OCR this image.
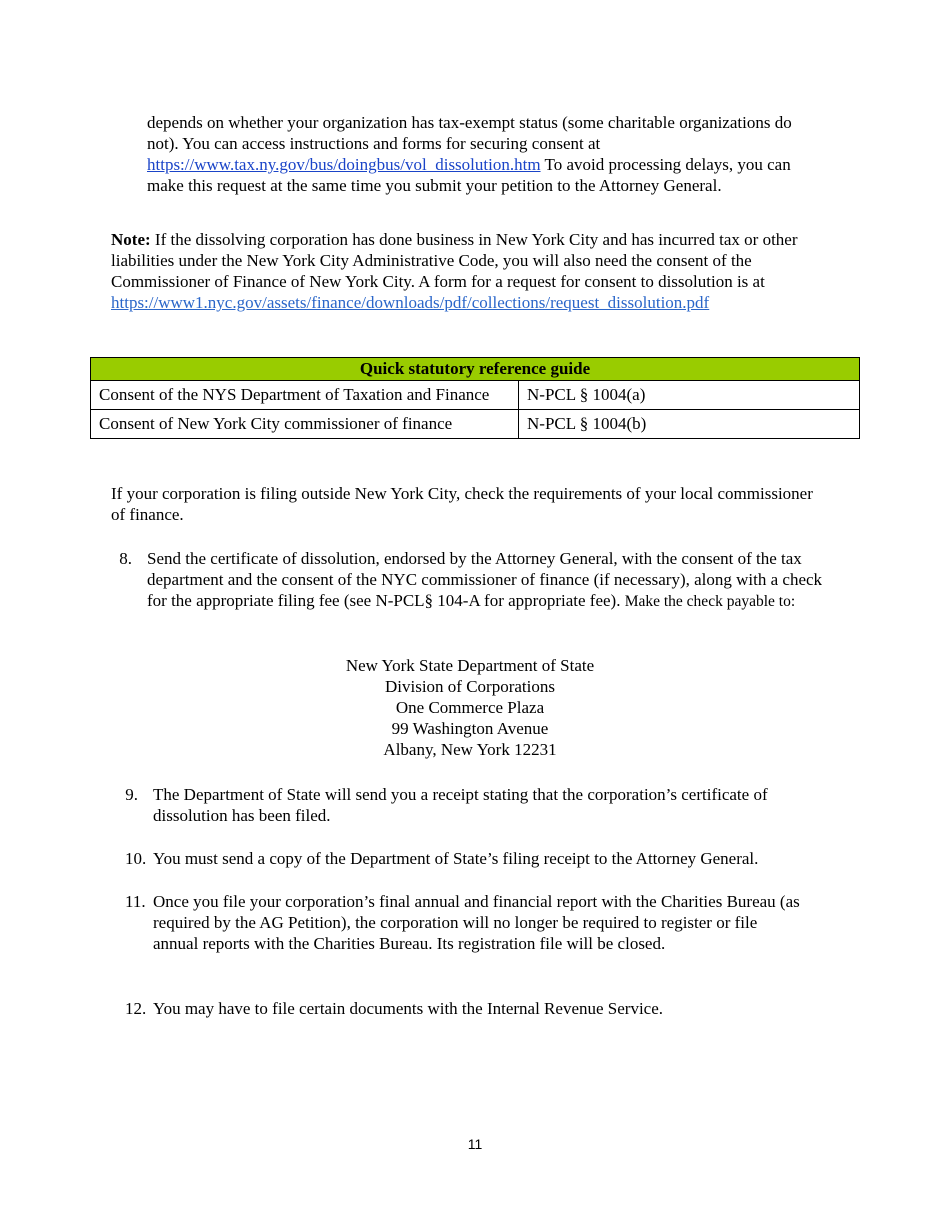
depends on whether your organization has tax-exempt status (some charitable organizations do not). You can access instructions and forms for securing consent at https://www.tax.ny.gov/bus/doingbus/vol_dissolution.htm To avoid processing delays, you can make this request at the same time you submit your petition to the Attorney General.
Note: If the dissolving corporation has done business in New York City and has incurred tax or other liabilities under the New York City Administrative Code, you will also need the consent of the Commissioner of Finance of New York City. A form for a request for consent to dissolution is at https://www1.nyc.gov/assets/finance/downloads/pdf/collections/request_dissolution.pdf
Quick statutory reference guide	
Consent of the NYS Department of Taxation and Finance	N-PCL § 1004(a)
Consent of New York City commissioner of finance	N-PCL § 1004(b)
If your corporation is filing outside New York City, check the requirements of your local commissioner of finance.
8. Send the certificate of dissolution, endorsed by the Attorney General, with the consent of the tax department and the consent of the NYC commissioner of finance (if necessary), along with a check for the appropriate filing fee (see N-PCL§ 104-A for appropriate fee). Make the check payable to:
New York State Department of State
Division of Corporations
One Commerce Plaza
99 Washington Avenue
Albany, New York 12231
9. The Department of State will send you a receipt stating that the corporation’s certificate of dissolution has been filed.
10. You must send a copy of the Department of State’s filing receipt to the Attorney General.
11. Once you file your corporation’s final annual and financial report with the Charities Bureau (as required by the AG Petition), the corporation will no longer be required to register or file annual reports with the Charities Bureau. Its registration file will be closed.
12. You may have to file certain documents with the Internal Revenue Service.
11
